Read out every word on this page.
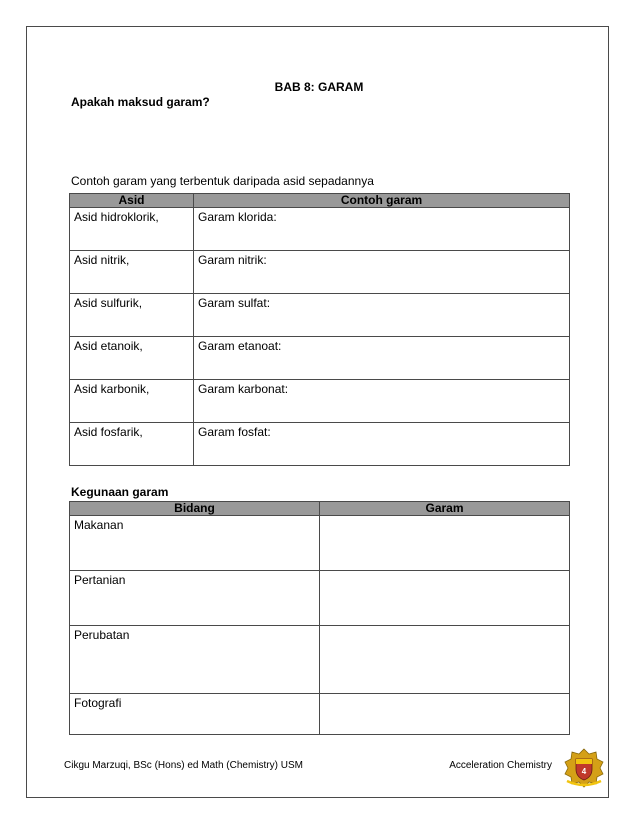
BAB 8: GARAM
Apakah maksud garam?
Contoh garam yang terbentuk daripada asid sepadannya
Asid	Contoh garam
Asid hidroklorik,	Garam klorida:
Asid nitrik,	Garam nitrik:
Asid sulfurik,	Garam sulfat:
Asid etanoik,	Garam etanoat:
Asid karbonik,	Garam karbonat:
Asid fosfarik,	Garam fosfat:
Kegunaan garam
Bidang	Garam
Makanan	
Pertanian	
Perubatan	
Fotografi	
Cikgu Marzuqi, BSc (Hons) ed Math (Chemistry) USM	Acceleration Chemistry
4
